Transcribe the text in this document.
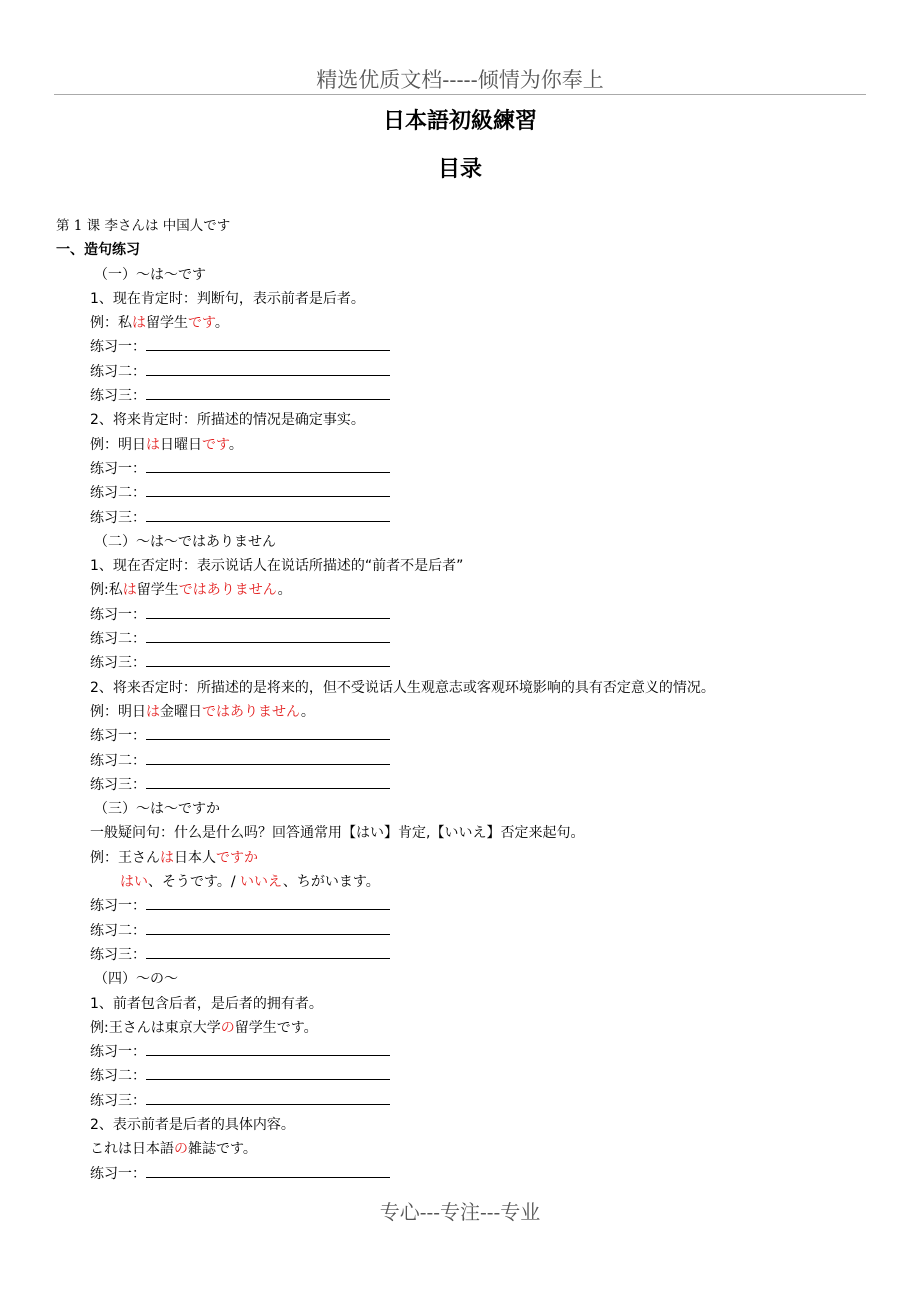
精选优质文档-----倾情为你奉上
日本語初級練習
目录
第 1 课 李さんは 中国人です
一、造句练习
（一）～は～です
1、现在肯定时：判断句，表示前者是后者。
例：私は留学生です。
练习一：
练习二：
练习三：
2、将来肯定时：所描述的情况是确定事实。
例：明日は日曜日です。
练习一：
练习二：
练习三：
（二）～は～ではありません
1、现在否定时：表示说话人在说话所描述的“前者不是后者”
例:私は留学生ではありません。
练习一：
练习二：
练习三：
2、将来否定时：所描述的是将来的，但不受说话人生观意志或客观环境影响的具有否定意义的情况。
例：明日は金曜日ではありません。
练习一：
练习二：
练习三：
（三）～は～ですか
一般疑问句：什么是什么吗？回答通常用【はい】肯定,【いいえ】否定来起句。
例：王さんは日本人ですか
はい、そうです。/ いいえ、ちがいます。
练习一：
练习二：
练习三：
（四）～の～
1、前者包含后者，是后者的拥有者。
例:王さんは東京大学の留学生です。
练习一：
练习二：
练习三：
2、表示前者是后者的具体内容。
これは日本語の雑誌です。
练习一：
专心---专注---专业
